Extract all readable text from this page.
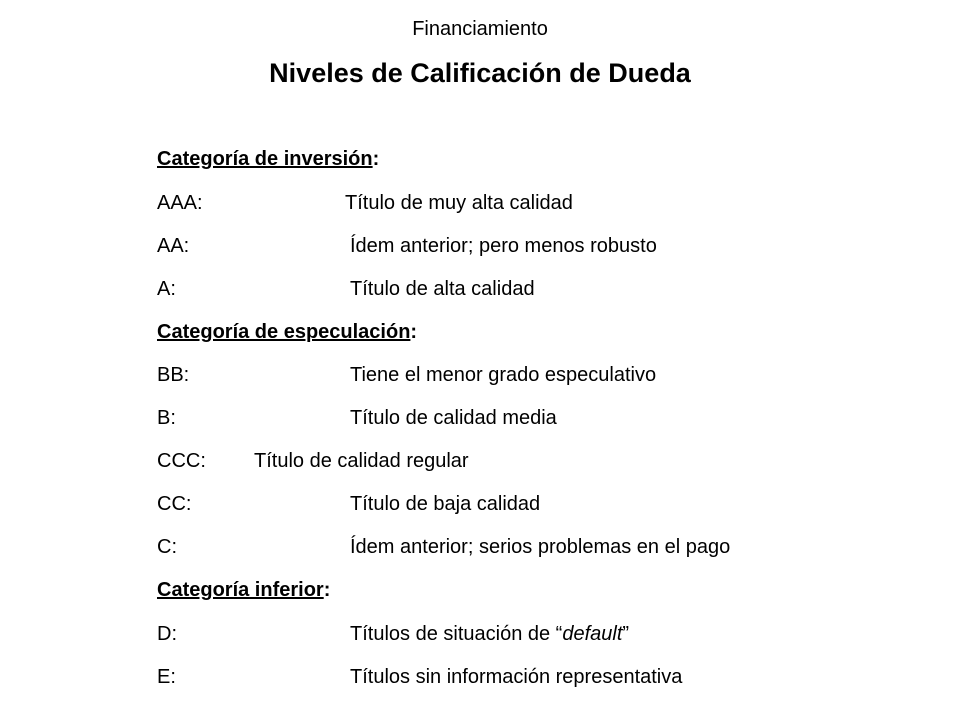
Financiamiento
Niveles de Calificación de Dueda
Categoría de inversión:
AAA:	Título de muy alta calidad
AA:	Ídem anterior; pero menos robusto
A:	Título de alta calidad
Categoría de especulación:
BB:	Tiene el menor grado especulativo
B:	Título de calidad media
CCC: Título de calidad regular
CC:	Título de baja calidad
C:	Ídem anterior; serios problemas en el pago
Categoría inferior:
D:	Títulos de situación de “default”
E:	Títulos sin información representativa
